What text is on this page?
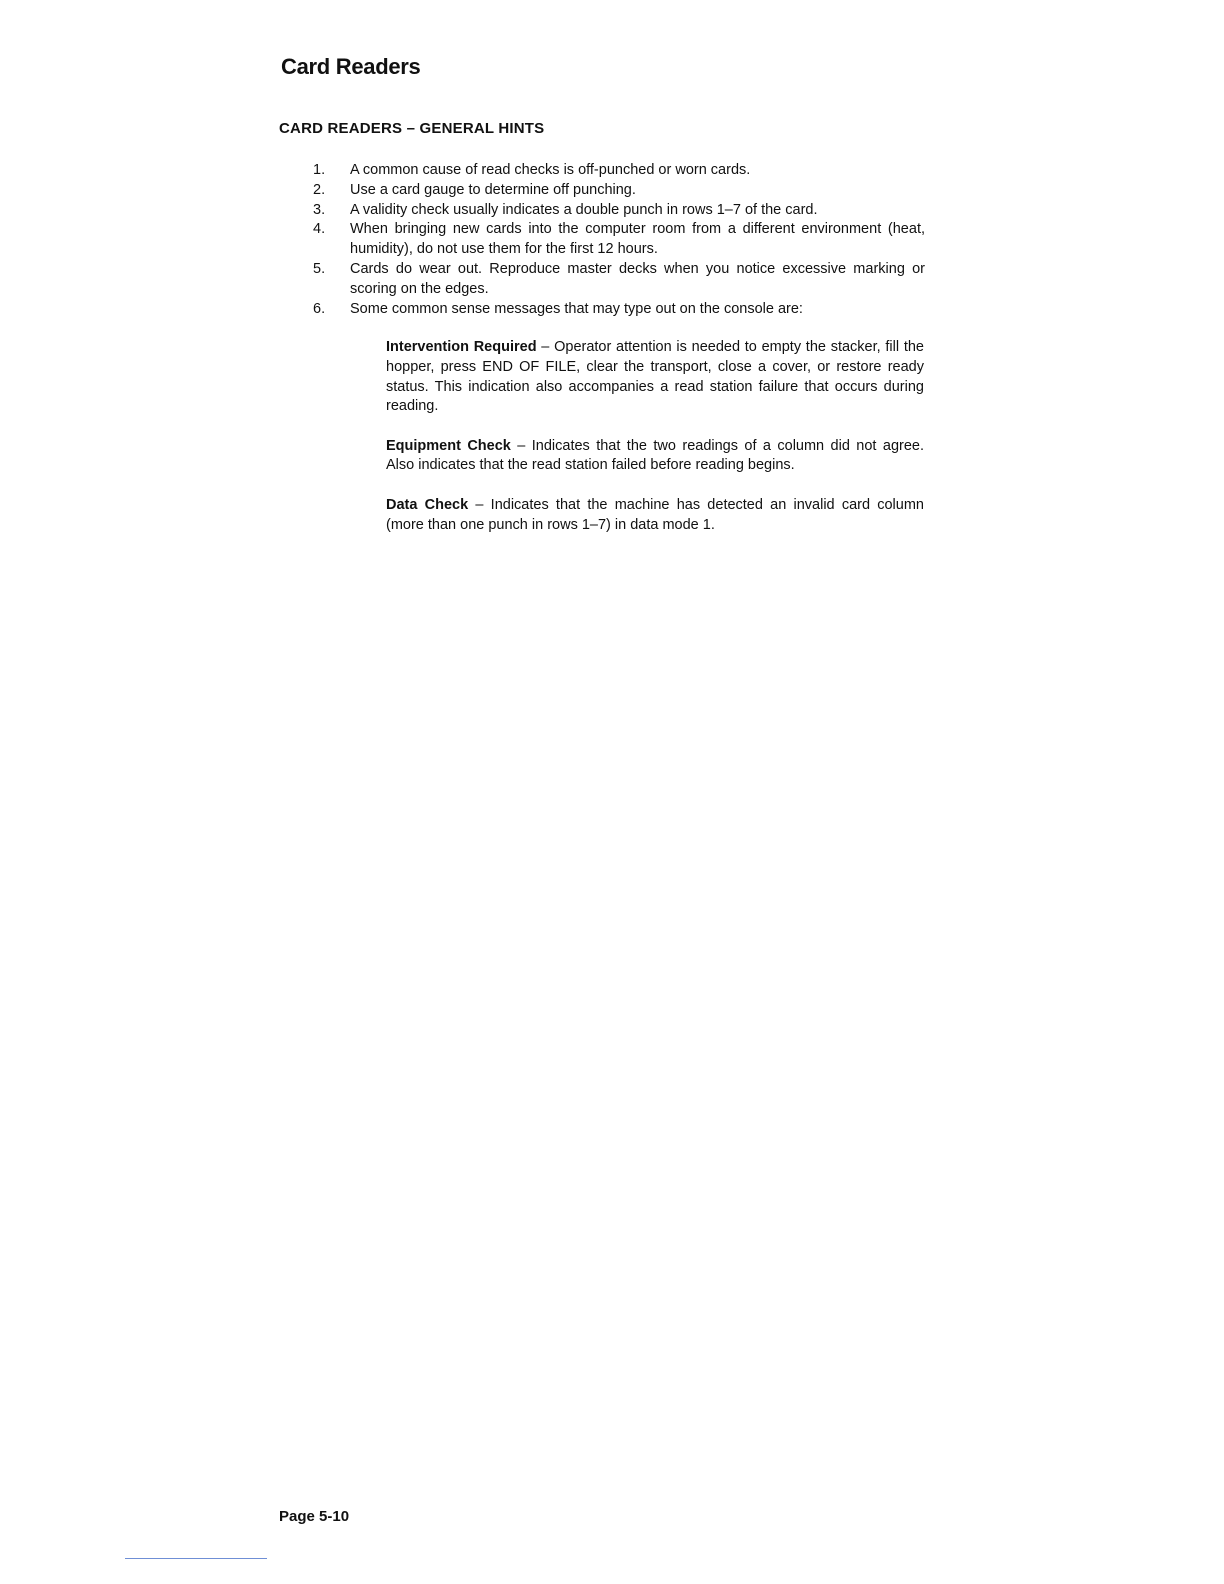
Card Readers
CARD READERS – GENERAL HINTS
1.	A common cause of read checks is off-punched or worn cards.
2.	Use a card gauge to determine off punching.
3.	A validity check usually indicates a double punch in rows 1–7 of the card.
4.	When bringing new cards into the computer room from a different environment (heat, humidity), do not use them for the first 12 hours.
5.	Cards do wear out. Reproduce master decks when you notice excessive marking or scoring on the edges.
6.	Some common sense messages that may type out on the console are:

Intervention Required – Operator attention is needed to empty the stacker, fill the hopper, press END OF FILE, clear the transport, close a cover, or restore ready status. This indication also accompanies a read station failure that occurs during reading.

Equipment Check – Indicates that the two readings of a column did not agree. Also indicates that the read station failed before reading begins.

Data Check – Indicates that the machine has detected an invalid card column (more than one punch in rows 1–7) in data mode 1.

Page 5-10
